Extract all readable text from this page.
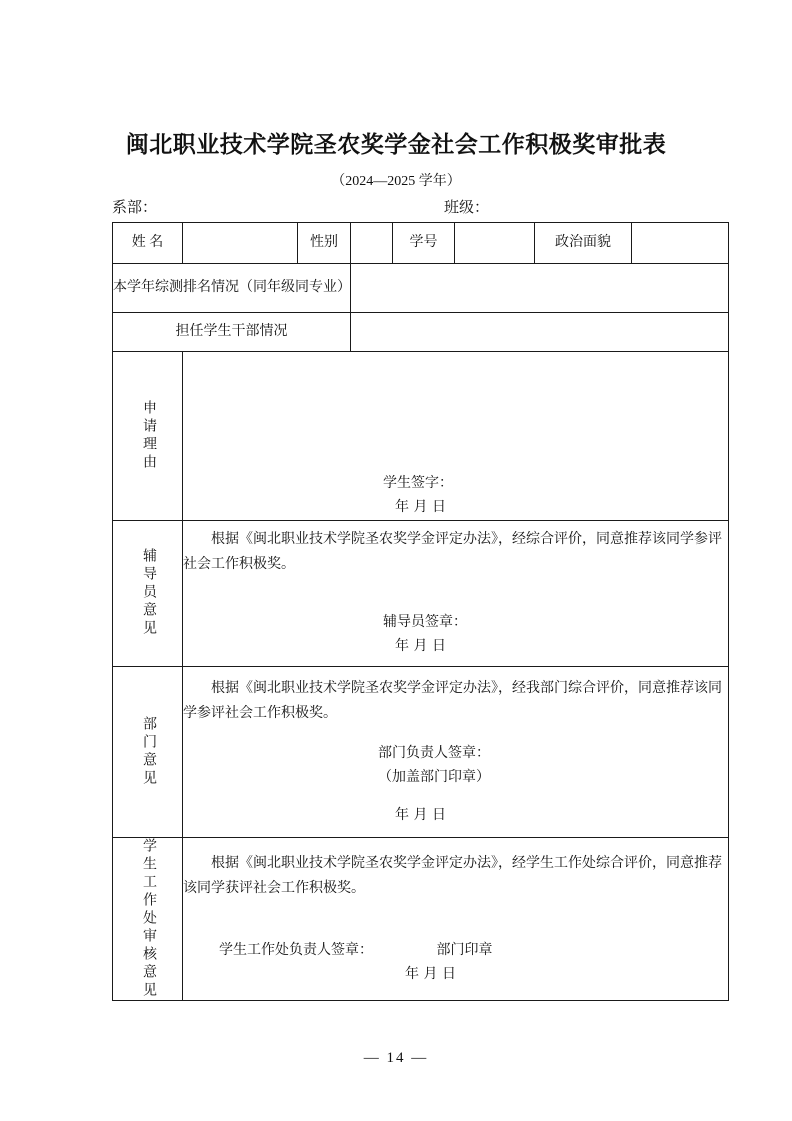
闽北职业技术学院圣农奖学金社会工作积极奖审批表
（2024—2025 学年）
系部：	班级：
姓 名		性别		学号		政治面貌	
本学年综测排名情况（同年级同专业）							
担任学生干部情况							

申请理由	学生签字：
年 月 日						

辅导员意见	根据《闽北职业技术学院圣农奖学金评定办法》，经综合评价，同意推荐该同学参评社会工作积极奖。

辅导员签章：
年 月 日						

部门意见	根据《闽北职业技术学院圣农奖学金评定办法》，经我部门综合评价，同意推荐该同学参评社会工作积极奖。

部门负责人签章：
（加盖部门印章）
年 月 日						

学生工作处审核意见	根据《闽北职业技术学院圣农奖学金评定办法》，经学生工作处综合评价，同意推荐该同学获评社会工作积极奖。

学生工作处负责人签章： 部门印章
年 月 日						
— 14 —
